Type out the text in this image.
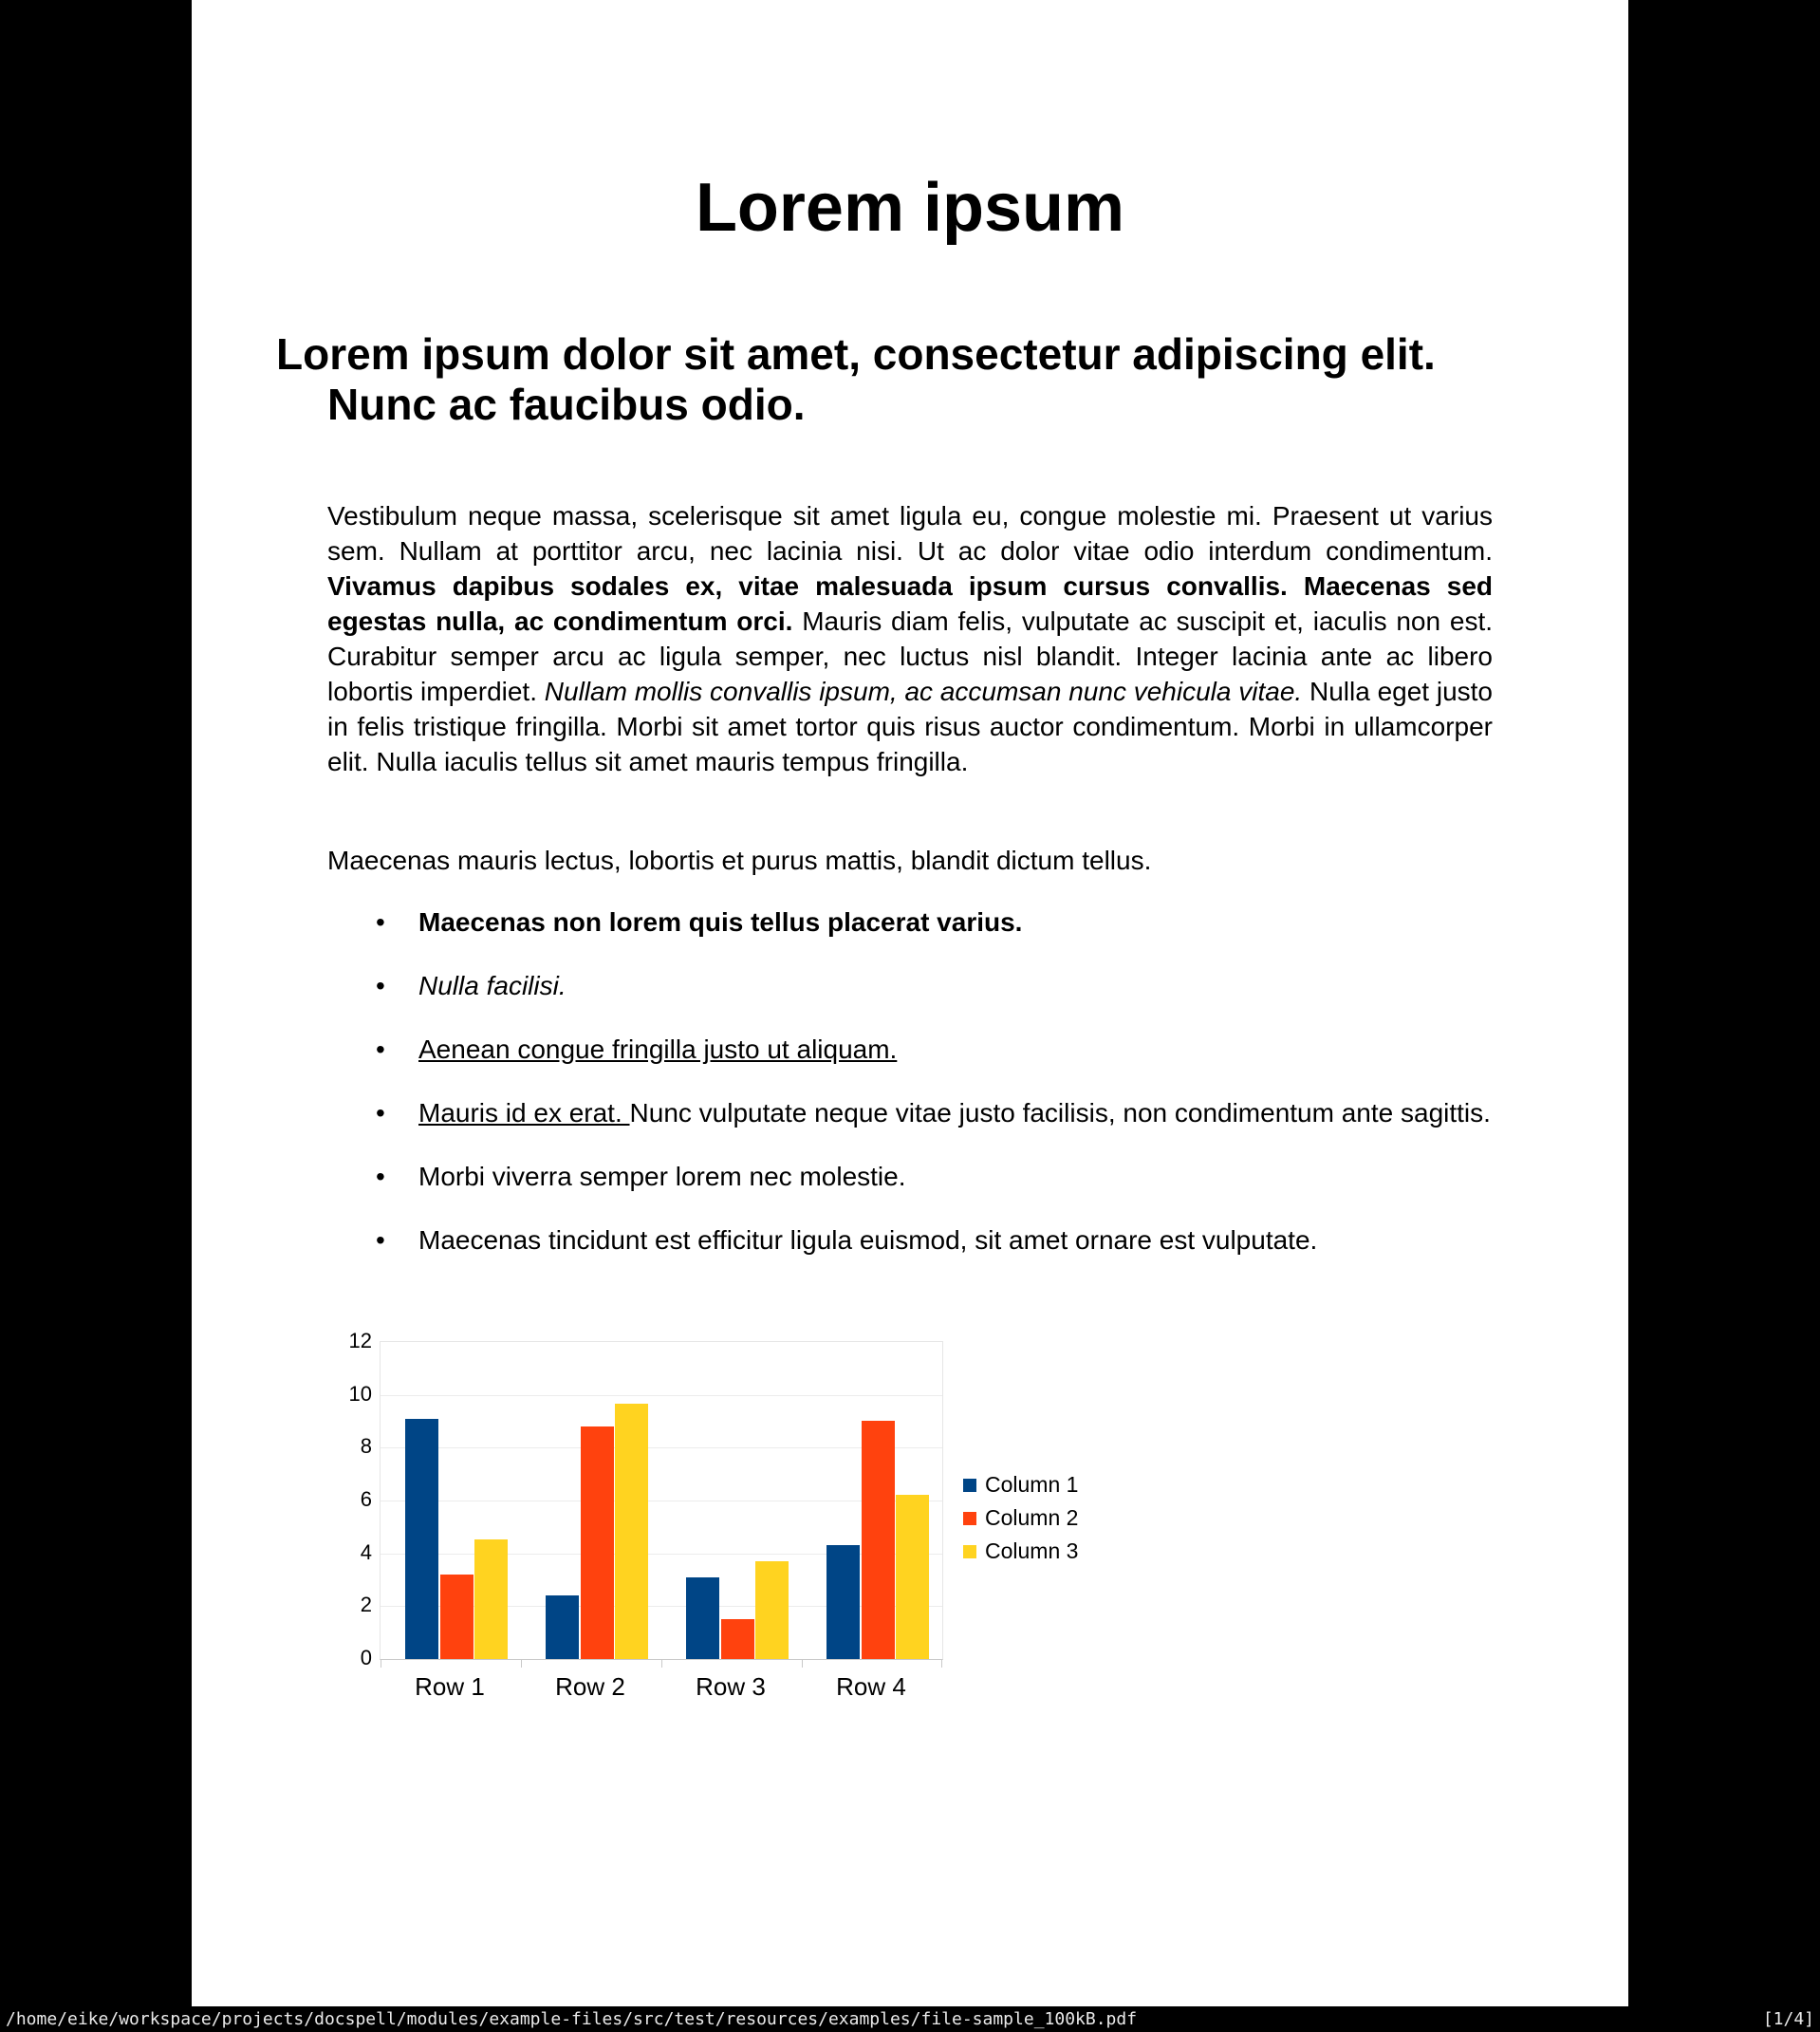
Lorem ipsum
Lorem ipsum dolor sit amet, consectetur adipiscing elit. Nunc ac faucibus odio.
Vestibulum neque massa, scelerisque sit amet ligula eu, congue molestie mi. Praesent ut varius sem. Nullam at porttitor arcu, nec lacinia nisi. Ut ac dolor vitae odio interdum condimentum. Vivamus dapibus sodales ex, vitae malesuada ipsum cursus convallis. Maecenas sed egestas nulla, ac condimentum orci. Mauris diam felis, vulputate ac suscipit et, iaculis non est. Curabitur semper arcu ac ligula semper, nec luctus nisl blandit. Integer lacinia ante ac libero lobortis imperdiet. Nullam mollis convallis ipsum, ac accumsan nunc vehicula vitae. Nulla eget justo in felis tristique fringilla. Morbi sit amet tortor quis risus auctor condimentum. Morbi in ullamcorper elit. Nulla iaculis tellus sit amet mauris tempus fringilla.
Maecenas mauris lectus, lobortis et purus mattis, blandit dictum tellus.
• Maecenas non lorem quis tellus placerat varius.
• Nulla facilisi.
• Aenean congue fringilla justo ut aliquam.
• Mauris id ex erat. Nunc vulputate neque vitae justo facilisis, non condimentum ante sagittis.
• Morbi viverra semper lorem nec molestie.
• Maecenas tincidunt est efficitur ligula euismod, sit amet ornare est vulputate.
0
2
4
6
8
10
12
Row 1	Row 2	Row 3	Row 4
Column 1
Column 2
Column 3
/home/eike/workspace/projects/docspell/modules/example-files/src/test/resources/examples/file-sample_100kB.pdf	[1/4]
